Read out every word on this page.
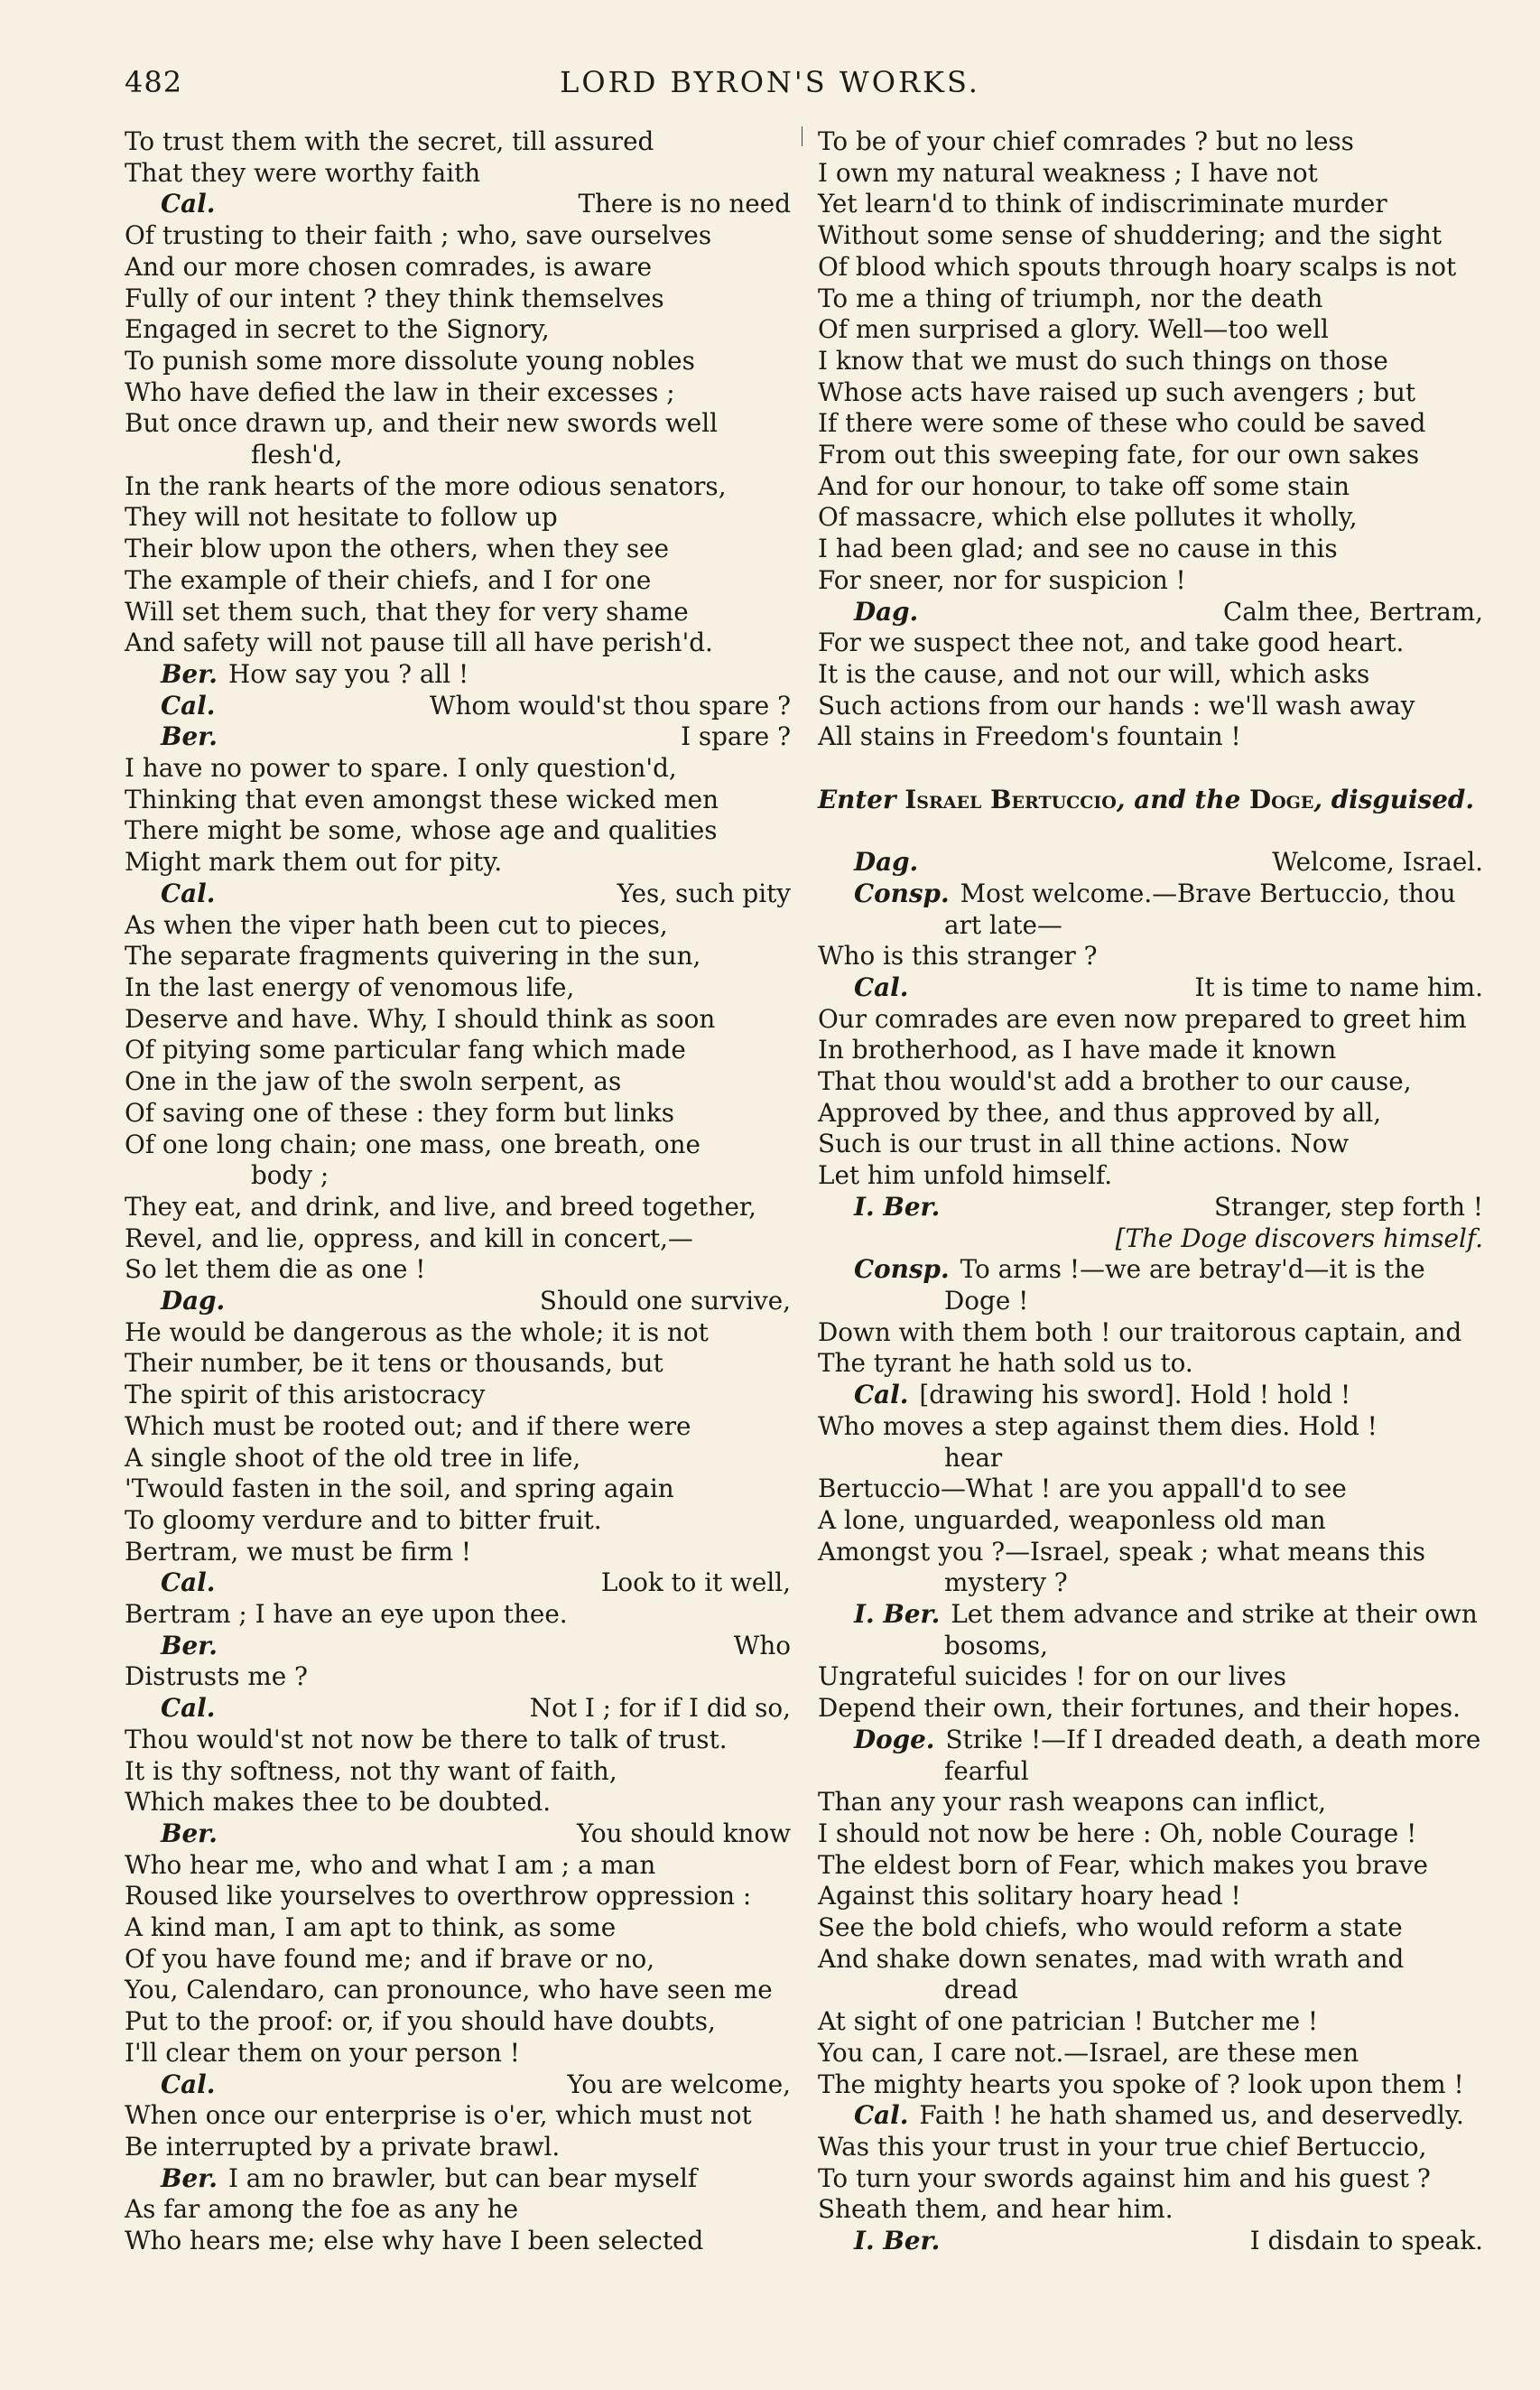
482	LORD BYRON'S WORKS.
To trust them with the secret, till assured
That they were worthy faith
Cal.	There is no need
Of trusting to their faith ; who, save ourselves
And our more chosen comrades, is aware
Fully of our intent ? they think themselves
Engaged in secret to the Signory,
To punish some more dissolute young nobles
Who have defied the law in their excesses ;
But once drawn up, and their new swords well
flesh'd,
In the rank hearts of the more odious senators,
They will not hesitate to follow up
Their blow upon the others, when they see
The example of their chiefs, and I for one
Will set them such, that they for very shame
And safety will not pause till all have perish'd.
Ber. How say you ? all !
Cal.	Whom would'st thou spare ?
Ber.	I spare ?
I have no power to spare. I only question'd,
Thinking that even amongst these wicked men
There might be some, whose age and qualities
Might mark them out for pity.
Cal.	Yes, such pity
As when the viper hath been cut to pieces,
The separate fragments quivering in the sun,
In the last energy of venomous life,
Deserve and have. Why, I should think as soon
Of pitying some particular fang which made
One in the jaw of the swoln serpent, as
Of saving one of these : they form but links
Of one long chain; one mass, one breath, one
body ;
They eat, and drink, and live, and breed together,
Revel, and lie, oppress, and kill in concert,—
So let them die as one !
Dag.	Should one survive,
He would be dangerous as the whole; it is not
Their number, be it tens or thousands, but
The spirit of this aristocracy
Which must be rooted out; and if there were
A single shoot of the old tree in life,
'Twould fasten in the soil, and spring again
To gloomy verdure and to bitter fruit.
Bertram, we must be firm !
Cal.	Look to it well,
Bertram ; I have an eye upon thee.
Ber.	Who
Distrusts me ?
Cal.	Not I ; for if I did so,
Thou would'st not now be there to talk of trust.
It is thy softness, not thy want of faith,
Which makes thee to be doubted.
Ber.	You should know
Who hear me, who and what I am ; a man
Roused like yourselves to overthrow oppression :
A kind man, I am apt to think, as some
Of you have found me; and if brave or no,
You, Calendaro, can pronounce, who have seen me
Put to the proof: or, if you should have doubts,
I'll clear them on your person !
Cal.	You are welcome,
When once our enterprise is o'er, which must not
Be interrupted by a private brawl.
Ber. I am no brawler, but can bear myself
As far among the foe as any he
Who hears me; else why have I been selected
To be of your chief comrades ? but no less
I own my natural weakness ; I have not
Yet learn'd to think of indiscriminate murder
Without some sense of shuddering; and the sight
Of blood which spouts through hoary scalps is not
To me a thing of triumph, nor the death
Of men surprised a glory. Well—too well
I know that we must do such things on those
Whose acts have raised up such avengers ; but
If there were some of these who could be saved
From out this sweeping fate, for our own sakes
And for our honour, to take off some stain
Of massacre, which else pollutes it wholly,
I had been glad; and see no cause in this
For sneer, nor for suspicion !
Dag.	Calm thee, Bertram,
For we suspect thee not, and take good heart.
It is the cause, and not our will, which asks
Such actions from our hands : we'll wash away
All stains in Freedom's fountain !
Enter Israel Bertuccio, and the Doge, disguised.
Dag.	Welcome, Israel.
Consp. Most welcome.—Brave Bertuccio, thou
art late—
Who is this stranger ?
Cal.	It is time to name him.
Our comrades are even now prepared to greet him
In brotherhood, as I have made it known
That thou would'st add a brother to our cause,
Approved by thee, and thus approved by all,
Such is our trust in all thine actions. Now
Let him unfold himself.
I. Ber.	Stranger, step forth !
[The Doge discovers himself.
Consp. To arms !—we are betray'd—it is the
Doge !
Down with them both ! our traitorous captain, and
The tyrant he hath sold us to.
Cal. [drawing his sword]. Hold ! hold !
Who moves a step against them dies. Hold !
hear
Bertuccio—What ! are you appall'd to see
A lone, unguarded, weaponless old man
Amongst you ?—Israel, speak ; what means this
mystery ?
I. Ber. Let them advance and strike at their own
bosoms,
Ungrateful suicides ! for on our lives
Depend their own, their fortunes, and their hopes.
Doge. Strike !—If I dreaded death, a death more
fearful
Than any your rash weapons can inflict,
I should not now be here : Oh, noble Courage !
The eldest born of Fear, which makes you brave
Against this solitary hoary head !
See the bold chiefs, who would reform a state
And shake down senates, mad with wrath and
dread
At sight of one patrician ! Butcher me !
You can, I care not.—Israel, are these men
The mighty hearts you spoke of ? look upon them !
Cal. Faith ! he hath shamed us, and deservedly.
Was this your trust in your true chief Bertuccio,
To turn your swords against him and his guest ?
Sheath them, and hear him.
I. Ber.	I disdain to speak.
